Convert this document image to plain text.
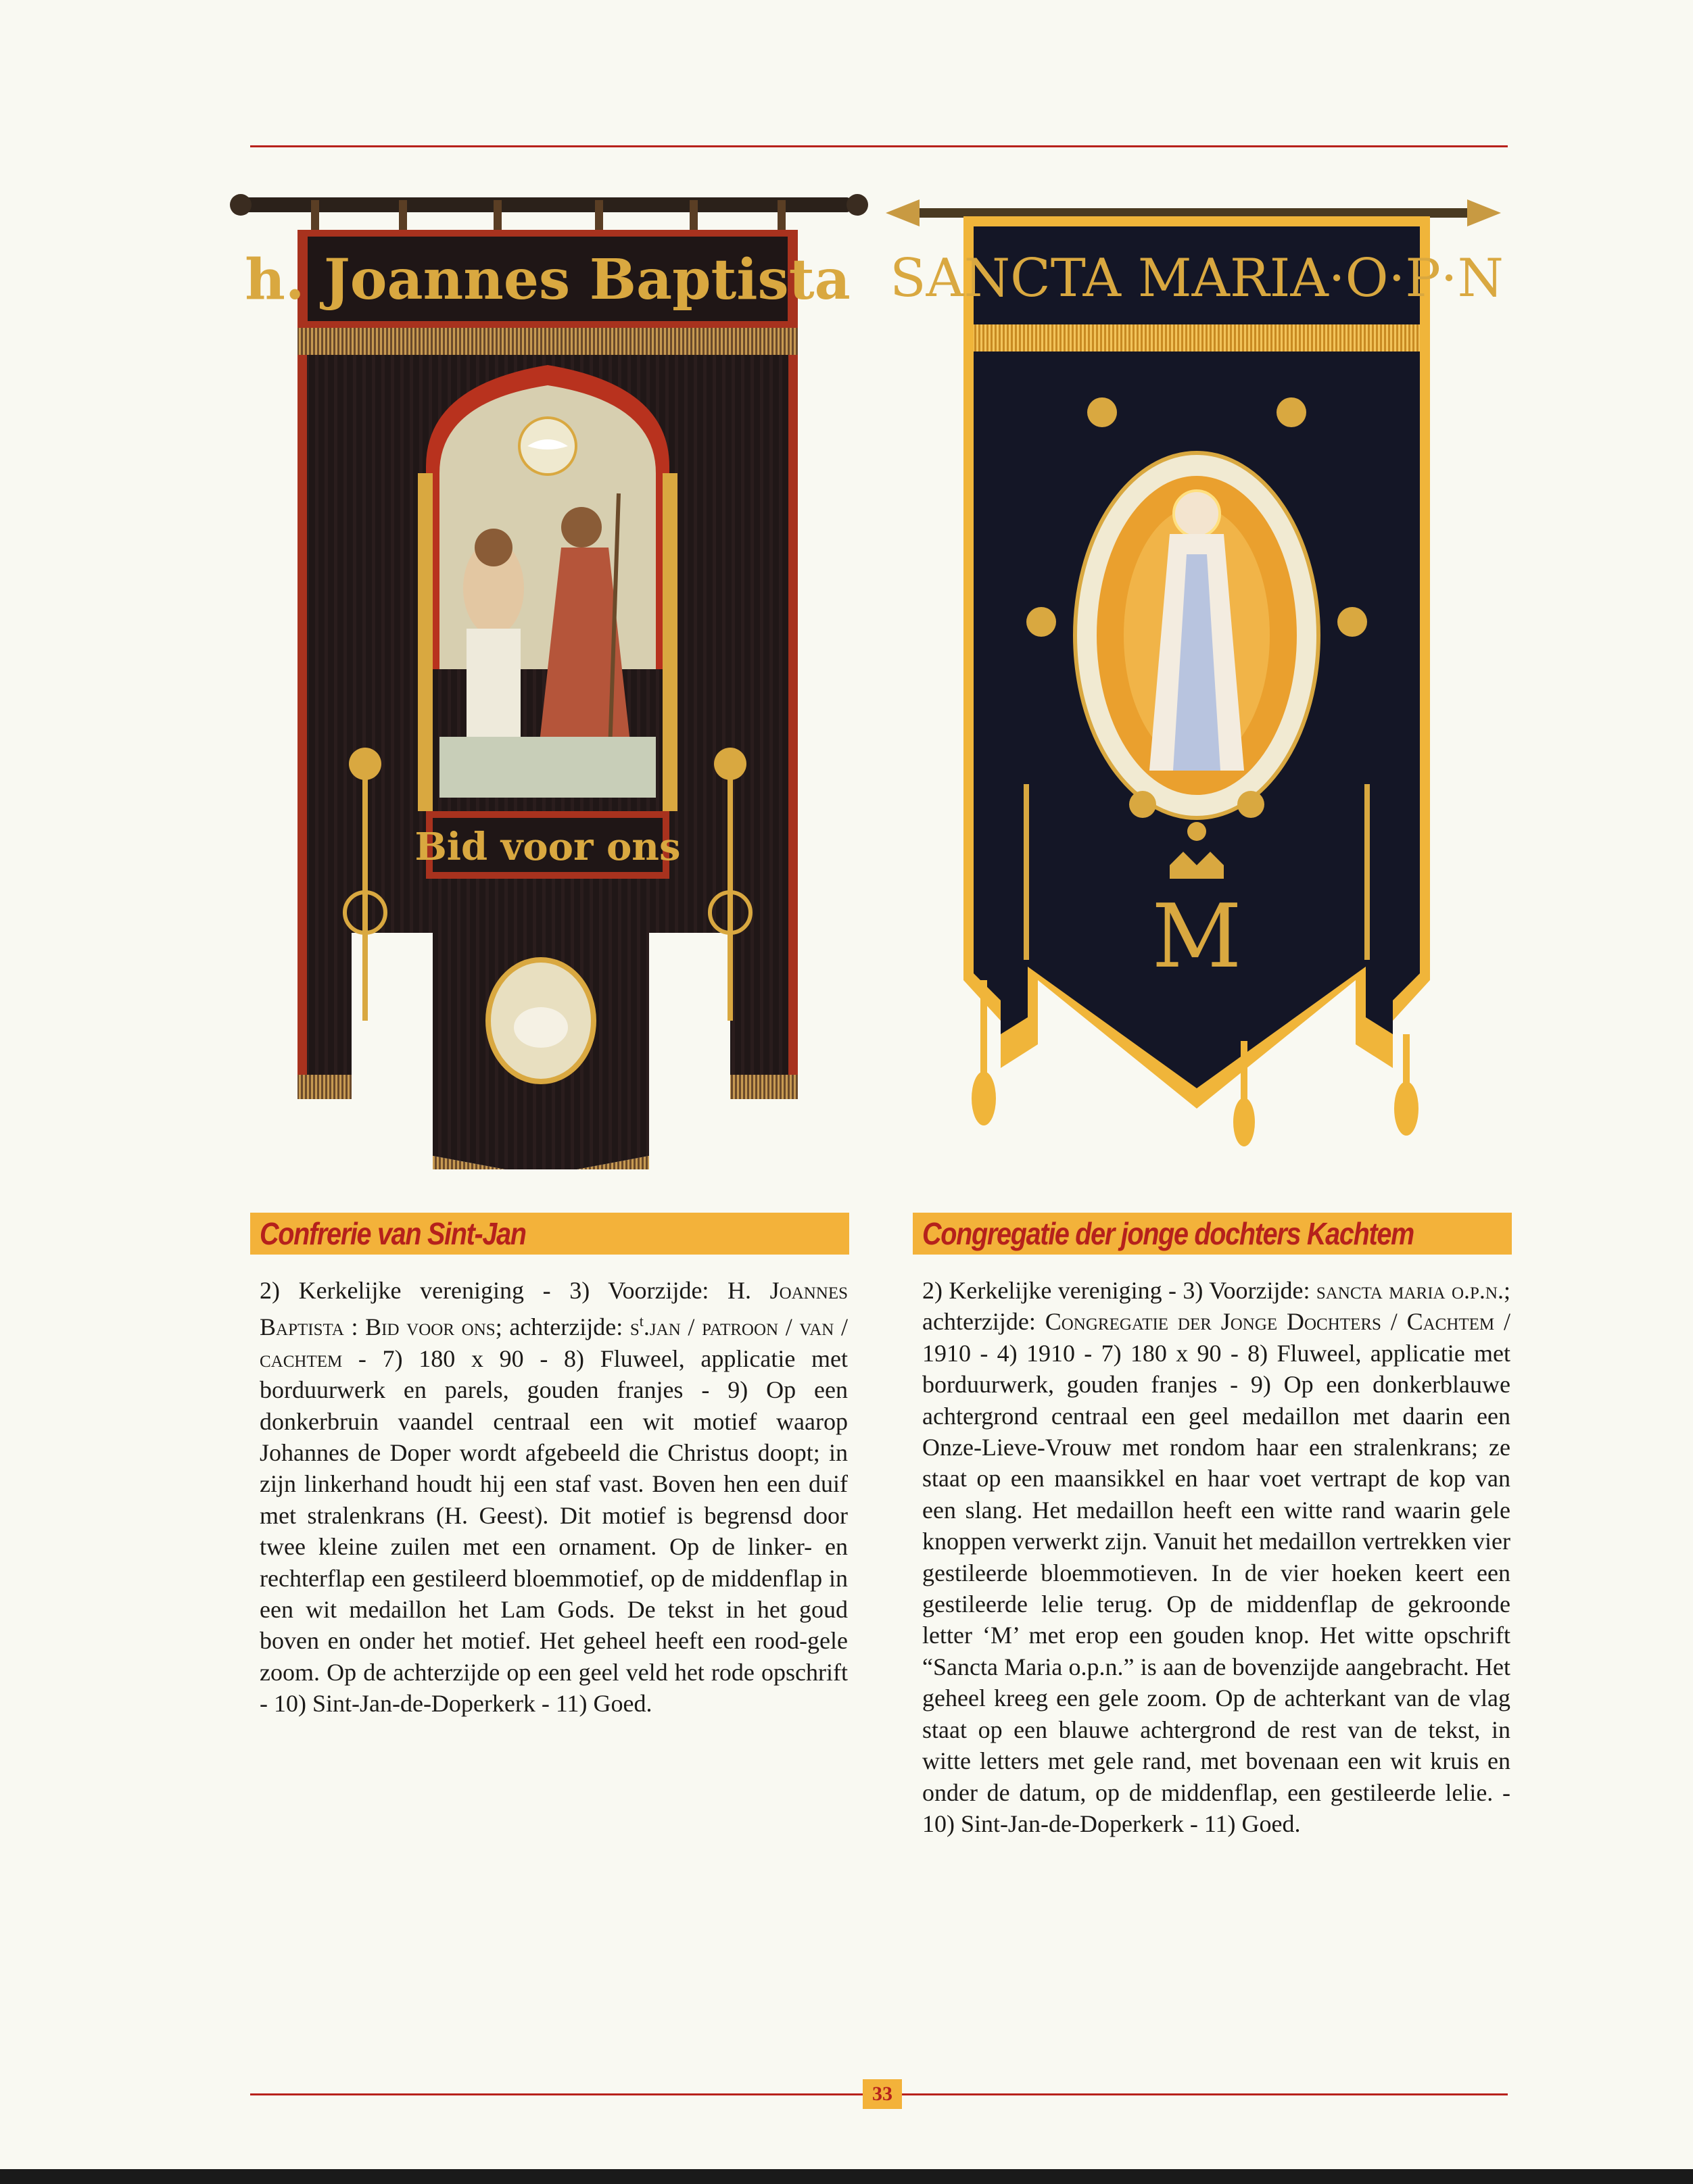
h. Joannes Baptista
Bid voor ons
SANCTA MARIA·O·P·N
M
Confrerie van Sint-Jan	Congregatie der jonge dochters Kachtem

2) Kerkelijke vereniging - 3) Voorzijde: H. Joannes Baptista : Bid voor ons; achterzijde: $s^t.jan$ / patroon / van / cachtem - 7) 180 x 90 - 8) Fluweel, applicatie met borduurwerk en parels, gouden franjes - 9) Op een donkerbruin vaandel centraal een wit motief waarop Johannes de Doper wordt afgebeeld die Christus doopt; in zijn linkerhand houdt hij een staf vast. Boven hen een duif met stralenkrans (H. Geest). Dit motief is begrensd door twee kleine zuilen met een ornament. Op de linker- en rechterflap een gestileerd bloemmotief, op de middenflap in een wit medaillon het Lam Gods. De tekst in het goud boven en onder het motief. Het geheel heeft een rood-gele zoom. Op de achterzijde op een geel veld het rode opschrift - 10) Sint-Jan-de-Doperkerk - 11) Goed.

2) Kerkelijke vereniging - 3) Voorzijde: sancta maria o.p.n.; achterzijde: Congregatie der Jonge Dochters / Cachtem / 1910 - 4) 1910 - 7) 180 x 90 - 8) Fluweel, applicatie met borduurwerk, gouden franjes - 9) Op een donkerblauwe achtergrond centraal een geel medaillon met daarin een Onze-Lieve-Vrouw met rondom haar een stralenkrans; ze staat op een maansikkel en haar voet vertrapt de kop van een slang. Het medaillon heeft een witte rand waarin gele knoppen verwerkt zijn. Vanuit het medaillon vertrekken vier gestileerde bloemmotieven. In de vier hoeken keert een gestileerde lelie terug. Op de middenflap de gekroonde letter ‘M’ met erop een gouden knop. Het witte opschrift “Sancta Maria o.p.n.” is aan de bovenzijde aangebracht. Het geheel kreeg een gele zoom. Op de achterkant van de vlag staat op een blauwe achtergrond de rest van de tekst, in witte letters met gele rand, met bovenaan een wit kruis en onder de datum, op de middenflap, een gestileerde lelie. - 10) Sint-Jan-de-Doperkerk - 11) Goed.

33
